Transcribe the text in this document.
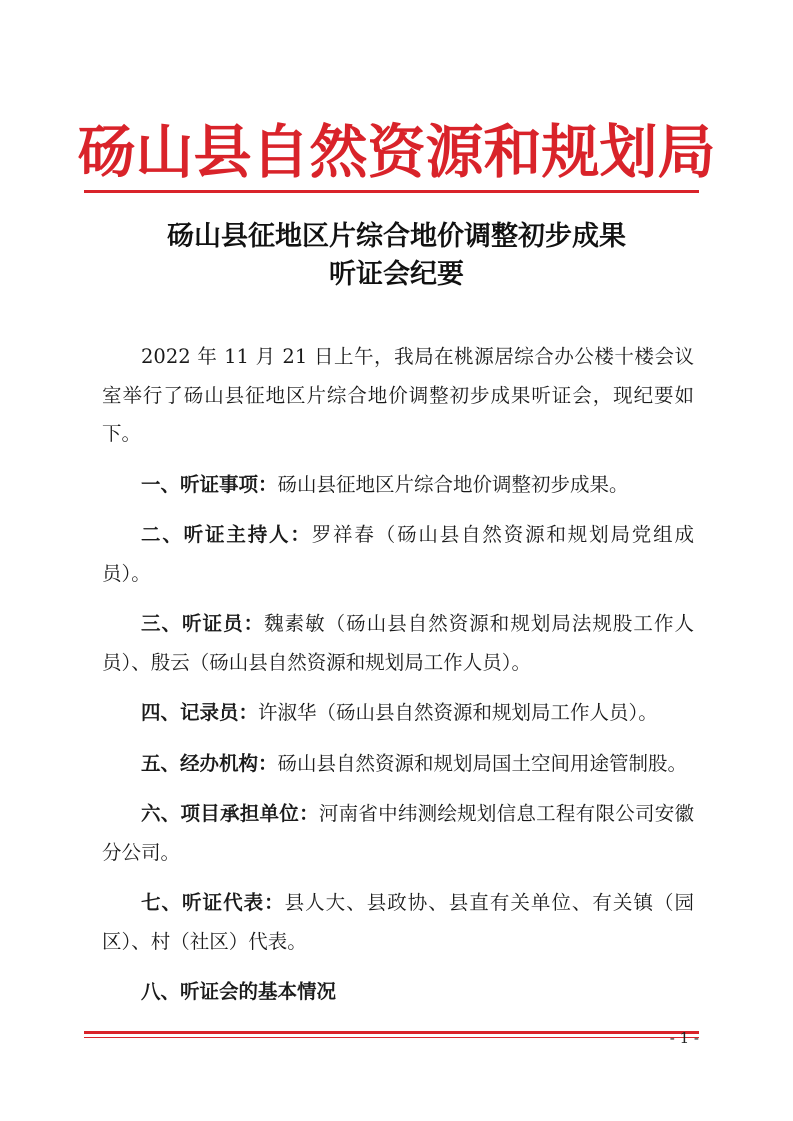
砀山县自然资源和规划局
砀山县征地区片综合地价调整初步成果
听证会纪要

2022 年 11 月 21 日上午，我局在桃源居综合办公楼十楼会议室举行了砀山县征地区片综合地价调整初步成果听证会，现纪要如下。

一、听证事项：砀山县征地区片综合地价调整初步成果。

二、听证主持人：罗祥春（砀山县自然资源和规划局党组成员）。

三、听证员：魏素敏（砀山县自然资源和规划局法规股工作人员）、殷云（砀山县自然资源和规划局工作人员）。

四、记录员：许淑华（砀山县自然资源和规划局工作人员）。

五、经办机构：砀山县自然资源和规划局国土空间用途管制股。

六、项目承担单位：河南省中纬测绘规划信息工程有限公司安徽分公司。

七、听证代表：县人大、县政协、县直有关单位、有关镇（园区）、村（社区）代表。

八、听证会的基本情况

- 1 -
